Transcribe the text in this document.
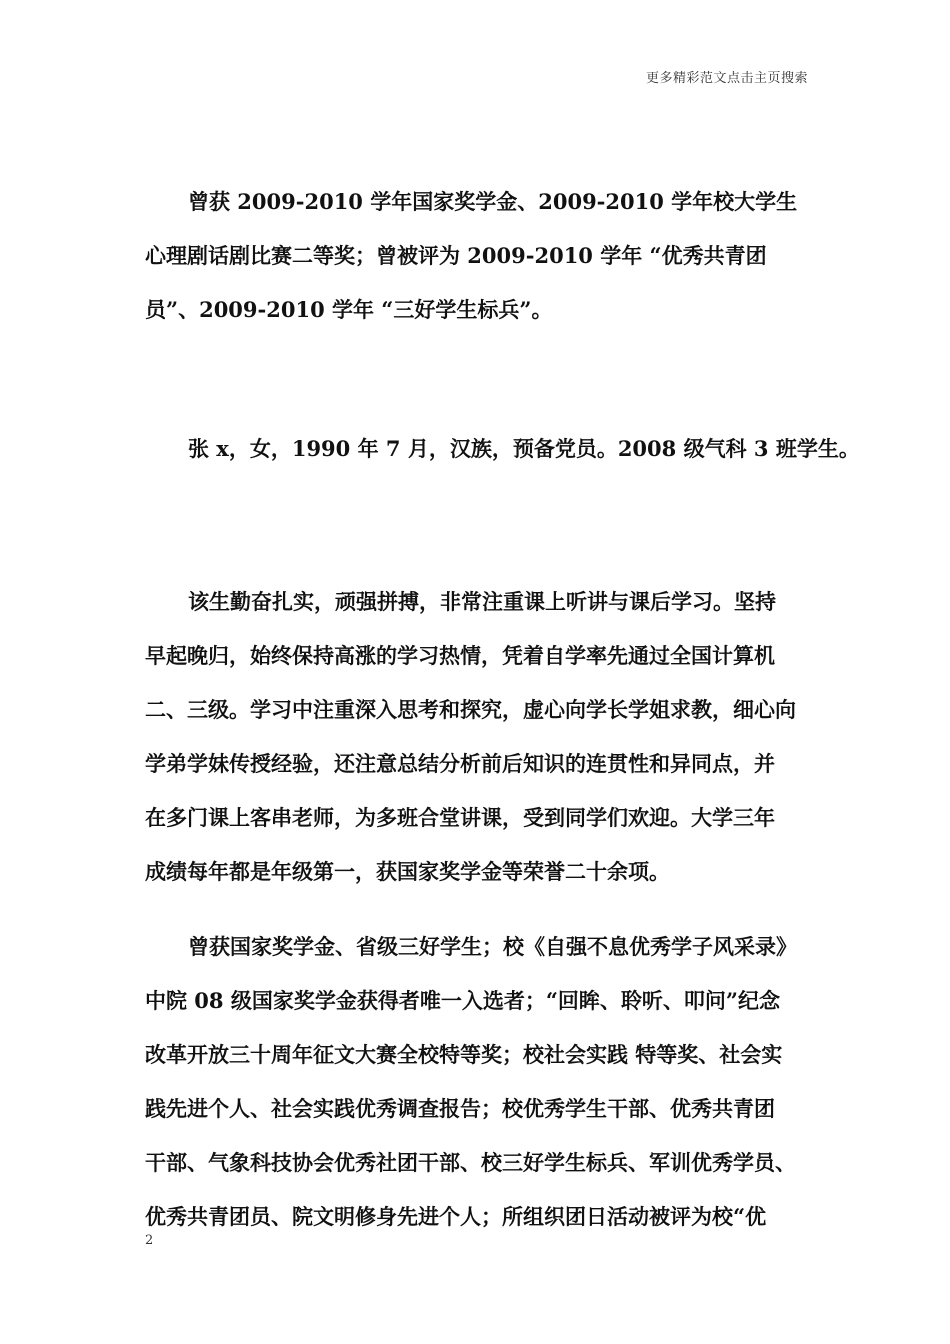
更多精彩范文点击主页搜索
曾获 2009-2010 学年国家奖学金、2009-2010 学年校大学生
心理剧话剧比赛二等奖；曾被评为 2009-2010 学年 “优秀共青团
员”、2009-2010 学年 “三好学生标兵”。
张 x，女，1990 年 7 月，汉族，预备党员。2008 级气科 3 班学生。
该生勤奋扎实，顽强拼搏，非常注重课上听讲与课后学习。坚持
早起晚归，始终保持高涨的学习热情，凭着自学率先通过全国计算机
二、三级。学习中注重深入思考和探究，虚心向学长学姐求教，细心向
学弟学妹传授经验，还注意总结分析前后知识的连贯性和异同点，并
在多门课上客串老师，为多班合堂讲课，受到同学们欢迎。大学三年
成绩每年都是年级第一，获国家奖学金等荣誉二十余项。
曾获国家奖学金、省级三好学生；校《自强不息优秀学子风采录》
中院 08 级国家奖学金获得者唯一入选者；“回眸、聆听、叩问”纪念
改革开放三十周年征文大赛全校特等奖；校社会实践 特等奖、社会实
践先进个人、社会实践优秀调查报告；校优秀学生干部、优秀共青团
干部、气象科技协会优秀社团干部、校三好学生标兵、军训优秀学员、
优秀共青团员、院文明修身先进个人；所组织团日活动被评为校“优
2
